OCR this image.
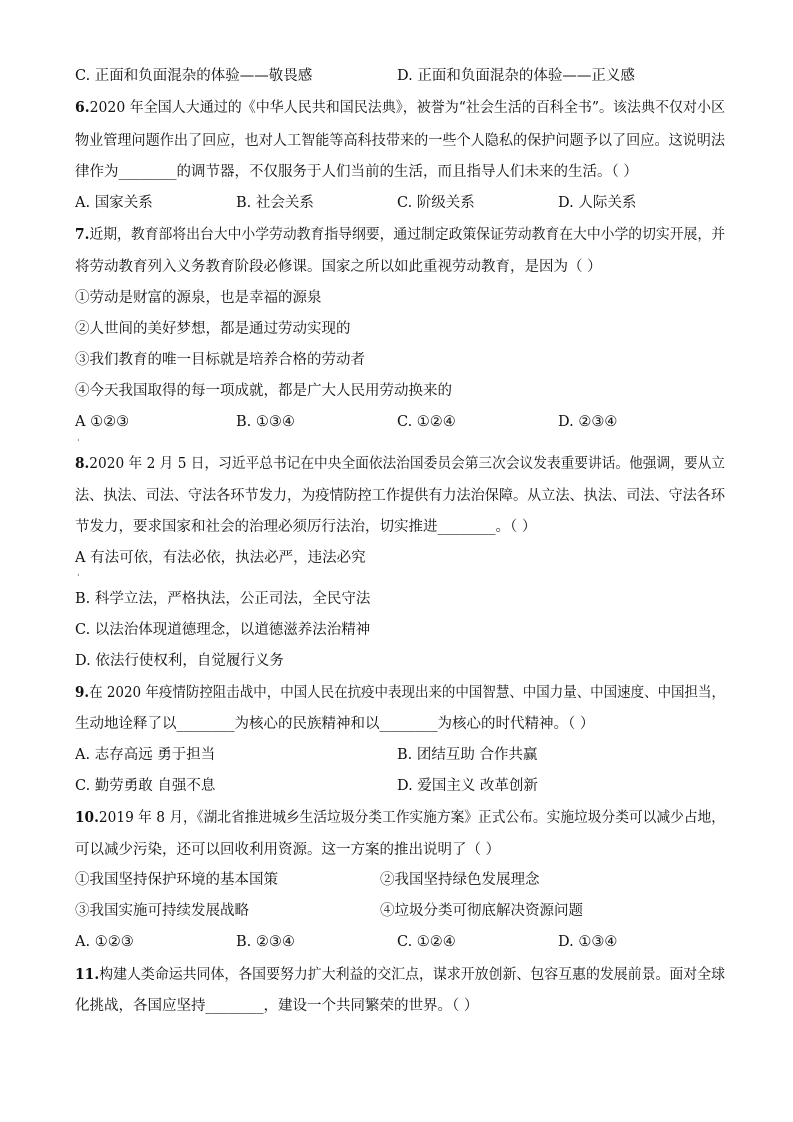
C. 正面和负面混杂的体验——敬畏感	D. 正面和负面混杂的体验——正义感
6.2020 年全国人大通过的《中华人民共和国民法典》，被誉为“社会生活的百科全书”。该法典不仅对小区
物业管理问题作出了回应，也对人工智能等高科技带来的一些个人隐私的保护问题予以了回应。这说明法
律作为________的调节器，不仅服务于人们当前的生活，而且指导人们未来的生活。（ ）
A. 国家关系	B. 社会关系	C. 阶级关系	D. 人际关系
7.近期，教育部将出台大中小学劳动教育指导纲要，通过制定政策保证劳动教育在大中小学的切实开展，并
将劳动教育列入义务教育阶段必修课。国家之所以如此重视劳动教育，是因为（ ）
①劳动是财富的源泉，也是幸福的源泉
②人世间的美好梦想，都是通过劳动实现的
③我们教育的唯一目标就是培养合格的劳动者
④今天我国取得的每一项成就，都是广大人民用劳动换来的
A ①②③	B. ①③④	C. ①②④	D. ②③④
ˌ
8.2020 年 2 月 5 日，习近平总书记在中央全面依法治国委员会第三次会议发表重要讲话。他强调，要从立
法、执法、司法、守法各环节发力，为疫情防控工作提供有力法治保障。从立法、执法、司法、守法各环
节发力，要求国家和社会的治理必须厉行法治，切实推进________。（ ）
A 有法可依，有法必依，执法必严，违法必究
ˌ
B. 科学立法，严格执法，公正司法，全民守法
C. 以法治体现道德理念，以道德滋养法治精神
D. 依法行使权利，自觉履行义务
9.在 2020 年疫情防控阻击战中，中国人民在抗疫中表现出来的中国智慧、中国力量、中国速度、中国担当，
生动地诠释了以________为核心的民族精神和以________为核心的时代精神。（ ）
A. 志存高远 勇于担当	B. 团结互助 合作共赢
C. 勤劳勇敢 自强不息	D. 爱国主义 改革创新
10.2019 年 8 月，《湖北省推进城乡生活垃圾分类工作实施方案》正式公布。实施垃圾分类可以减少占地，
可以减少污染，还可以回收利用资源。这一方案的推出说明了（ ）
①我国坚持保护环境的基本国策	②我国坚持绿色发展理念
③我国实施可持续发展战略	④垃圾分类可彻底解决资源问题
A. ①②③	B. ②③④	C. ①②④	D. ①③④
11.构建人类命运共同体，各国要努力扩大利益的交汇点，谋求开放创新、包容互惠的发展前景。面对全球
化挑战，各国应坚持________，建设一个共同繁荣的世界。（ ）
